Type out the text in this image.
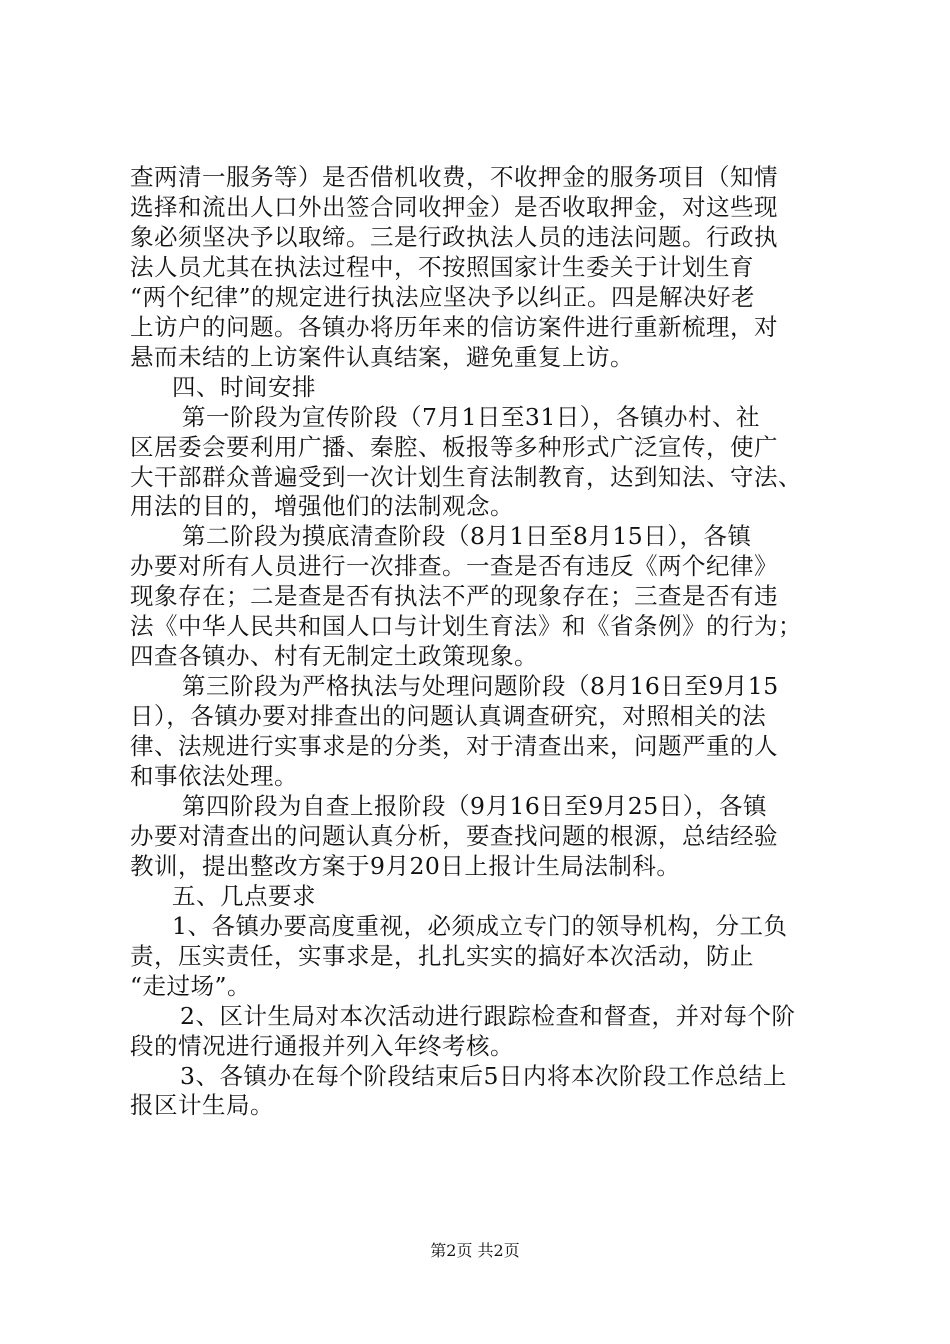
查两清一服务等）是否借机收费，不收押金的服务项目（知情
选择和流出人口外出签合同收押金）是否收取押金，对这些现
象必须坚决予以取缔。三是行政执法人员的违法问题。行政执
法人员尤其在执法过程中，不按照国家计生委关于计划生育
“两个纪律”的规定进行执法应坚决予以纠正。四是解决好老
上访户的问题。各镇办将历年来的信访案件进行重新梳理，对
悬而未结的上访案件认真结案，避免重复上访。
四、时间安排
第一阶段为宣传阶段（7月1日至31日），各镇办村、社
区居委会要利用广播、秦腔、板报等多种形式广泛宣传，使广
大干部群众普遍受到一次计划生育法制教育，达到知法、守法、
用法的目的，增强他们的法制观念。
第二阶段为摸底清查阶段（8月1日至8月15日），各镇
办要对所有人员进行一次排查。一查是否有违反《两个纪律》
现象存在；二是查是否有执法不严的现象存在；三查是否有违
法《中华人民共和国人口与计划生育法》和《省条例》的行为；
四查各镇办、村有无制定土政策现象。
第三阶段为严格执法与处理问题阶段（8月16日至9月15
日），各镇办要对排查出的问题认真调查研究，对照相关的法
律、法规进行实事求是的分类，对于清查出来，问题严重的人
和事依法处理。
第四阶段为自查上报阶段（9月16日至9月25日），各镇
办要对清查出的问题认真分析，要查找问题的根源，总结经验
教训，提出整改方案于9月20日上报计生局法制科。
五、几点要求
1、各镇办要高度重视，必须成立专门的领导机构，分工负
责，压实责任，实事求是，扎扎实实的搞好本次活动，防止
“走过场”。
2、区计生局对本次活动进行跟踪检查和督查，并对每个阶
段的情况进行通报并列入年终考核。
3、各镇办在每个阶段结束后5日内将本次阶段工作总结上
报区计生局。
第2页 共2页
